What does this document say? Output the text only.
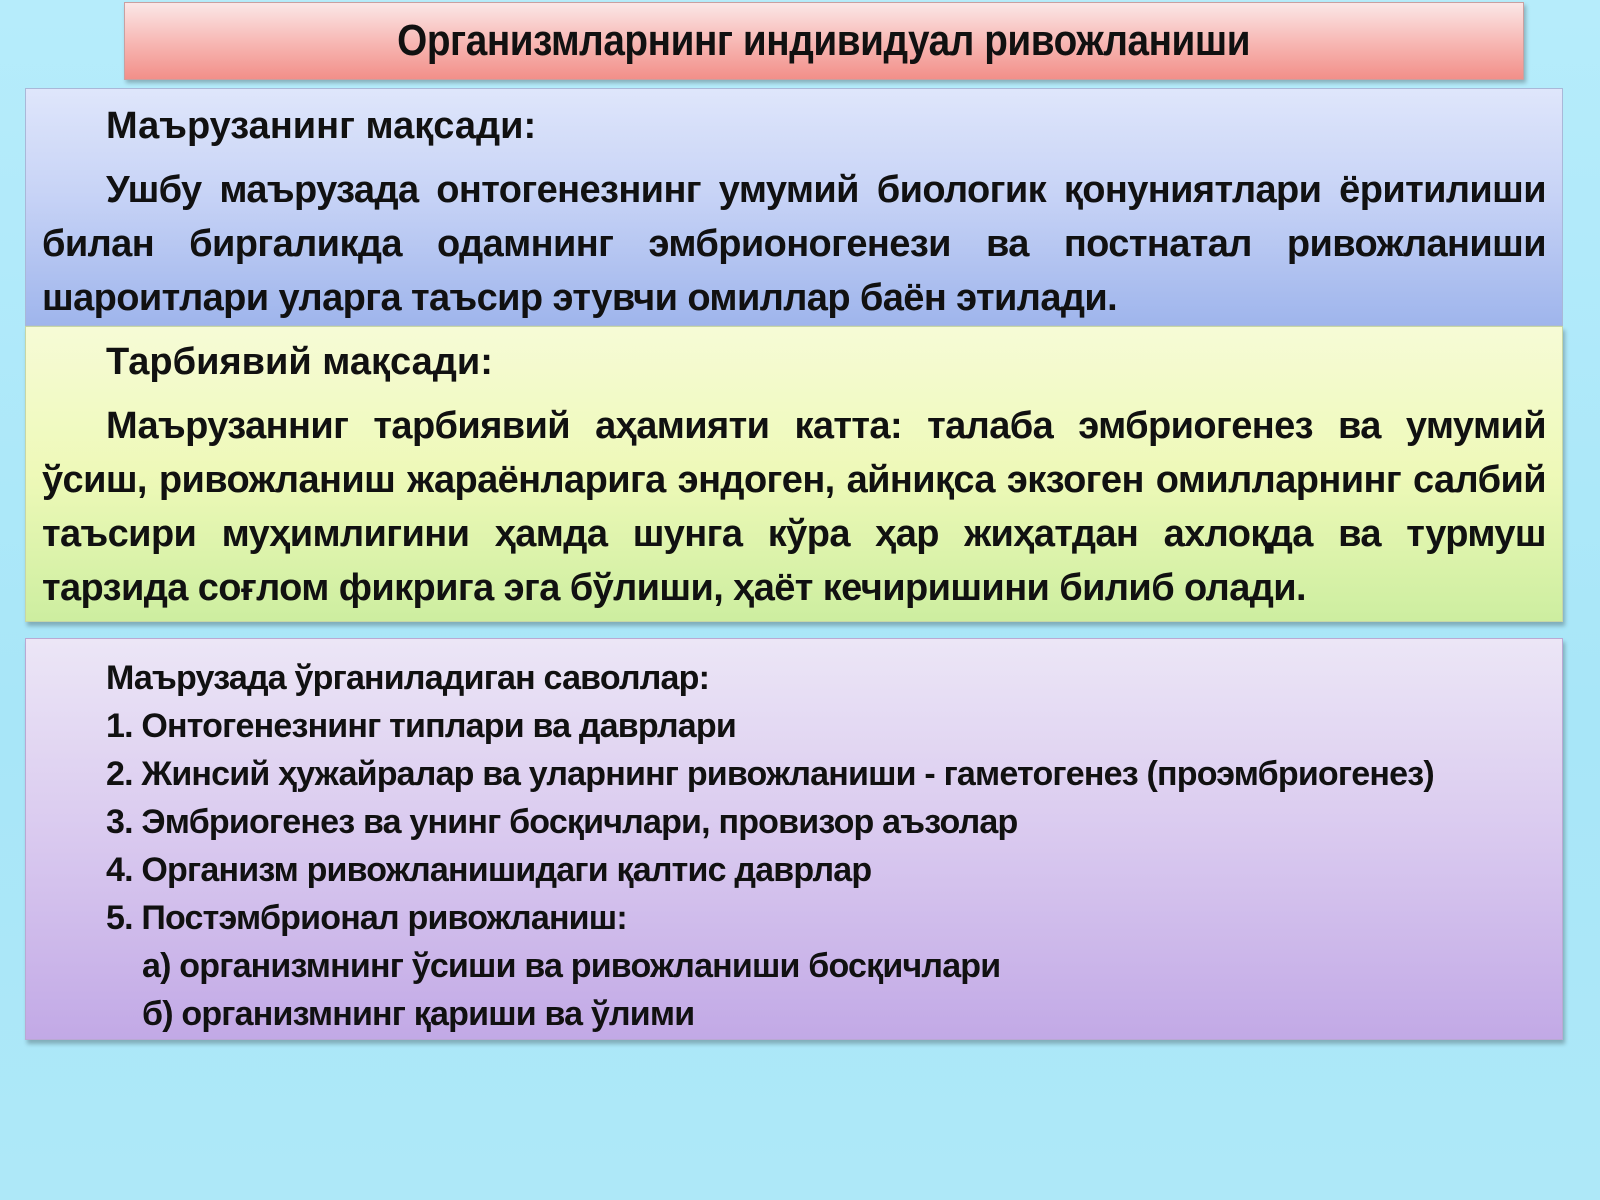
Организмларнинг индивидуал ривожланиши

Маърузанинг мақсади:

Ушбу маърузада онтогенезнинг умумий биологик қонуниятлари ёритилиши билан биргаликда одамнинг эмбрионогенези ва постнатал ривожланиши шароитлари уларга таъсир этувчи омиллар баён этилади.

Тарбиявий мақсади:

Маърузанниг тарбиявий аҳамияти катта: талаба эмбриогенез ва умумий ўсиш, ривожланиш жараёнларига эндоген, айниқса экзоген омилларнинг салбий таъсири муҳимлигини ҳамда шунга кўра ҳар жиҳатдан ахлоқда ва турмуш тарзида соғлом фикрига эга бўлиши, ҳаёт кечиришини билиб олади.

Маърузада ўрганиладиган саволлар:

1. Онтогенезнинг типлари ва даврлари
2. Жинсий ҳужайралар ва уларнинг ривожланиши - гаметогенез (проэмбриогенез)
3. Эмбриогенез ва унинг босқичлари, провизор аъзолар
4. Организм ривожланишидаги қалтис даврлар
5. Постэмбрионал ривожланиш:
а) организмнинг ўсиши ва ривожланиши босқичлари
б) организмнинг қариши ва ўлими
